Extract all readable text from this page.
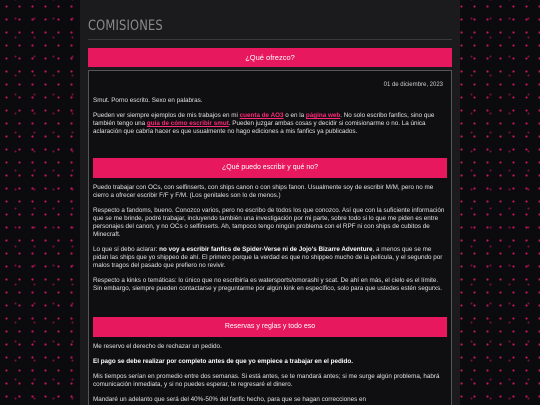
COMISIONES
¿Qué ofrezco?
01 de diciembre, 2023

Smut. Porno escrito. Sexo en palabras.

Pueden ver siempre ejemplos de mis trabajos en mi cuenta de AO3 o en la página web. No solo escribo fanfics, sino que también tengo una guía de cómo escribir smut. Pueden juzgar ambas cosas y decidir si comisionarme o no. La única aclaración que cabría hacer es que usualmente no hago ediciones a mis fanfics ya publicados.

¿Qué puedo escribir y qué no?

Puedo trabajar con OCs, con selfinserts, con ships canon o con ships fanon. Usualmente soy de escribir M/M, pero no me cierro a ofrecer escribir F/F y F/M. (Los genitales son lo de menos.)

Respecto a fandoms, bueno. Conozco varios, pero no escribo de todos los que conozco. Así que con la suficiente información que se me brinde, podré trabajar, incluyendo también una investigación por mi parte, sobre todo si lo que me piden es entre personajes del canon, y no OCs o selfinserts. Ah, tampoco tengo ningún problema con el RPF ni con ships de cubitos de Minecraft.

Lo que sí debo aclarar: no voy a escribir fanfics de Spider-Verse ni de Jojo's Bizarre Adventure, a menos que se me pidan las ships que yo shippeo de ahí. El primero porque la verdad es que no shippeo mucho de la película, y el segundo por malos tragos del pasado que prefiero no revivir.

Respecto a kinks o temáticas: lo único que no escribiría es watersports/omorashi y scat. De ahí en más, el cielo es el límite. Sin embargo, siempre pueden contactarse y preguntarme por algún kink en específico, solo para que ustedes estén segurxs.

Reservas y reglas y todo eso

Me reservo el derecho de rechazar un pedido.

El pago se debe realizar por completo antes de que yo empiece a trabajar en el pedido.

Mis tiempos serían en promedio entre dos semanas. Si está antes, se te mandará antes; si me surge algún problema, habrá comunicación inmediata, y si no puedes esperar, te regresaré el dinero.

Mandaré un adelanto que será del 40%-50% del fanfic hecho, para que se hagan correcciones en
